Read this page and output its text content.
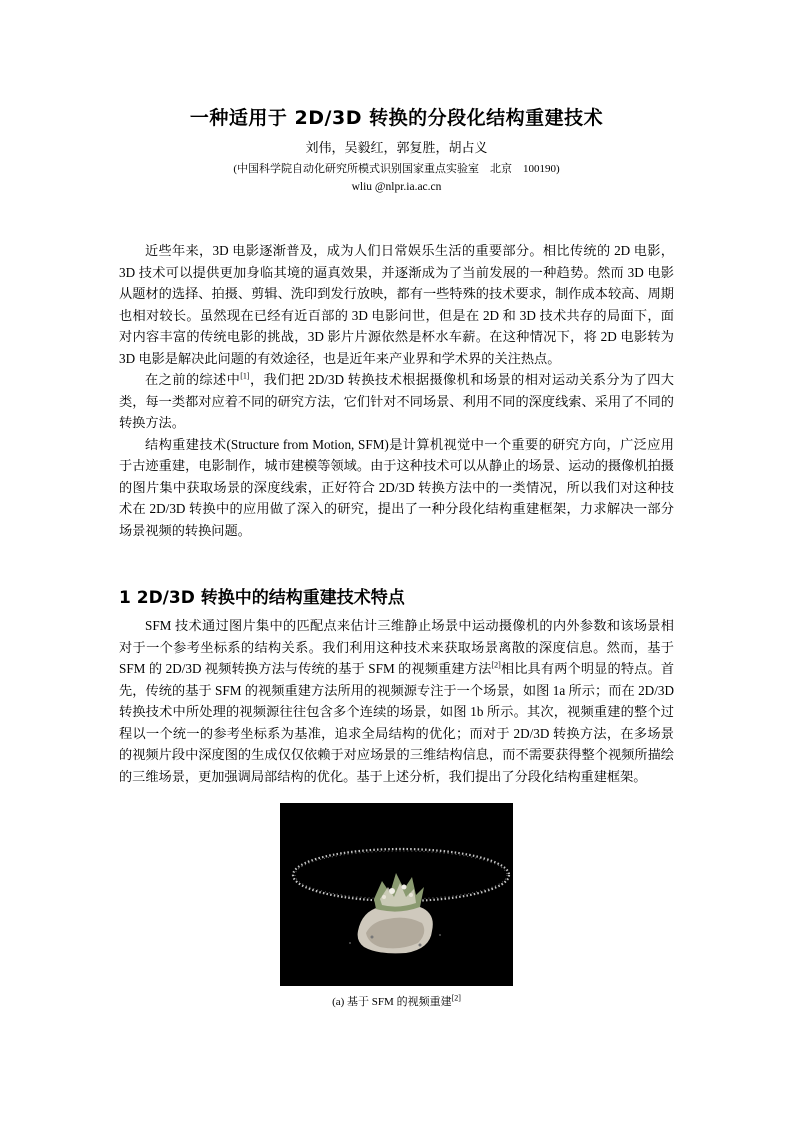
一种适用于 2D/3D 转换的分段化结构重建技术
刘伟，吴毅红，郭复胜，胡占义
(中国科学院自动化研究所模式识别国家重点实验室　北京　100190)
wliu @nlpr.ia.ac.cn

近些年来，3D 电影逐渐普及，成为人们日常娱乐生活的重要部分。相比传统的 2D 电影，3D 技术可以提供更加身临其境的逼真效果，并逐渐成为了当前发展的一种趋势。然而 3D 电影从题材的选择、拍摄、剪辑、洗印到发行放映，都有一些特殊的技术要求，制作成本较高、周期也相对较长。虽然现在已经有近百部的 3D 电影问世，但是在 2D 和 3D 技术共存的局面下，面对内容丰富的传统电影的挑战，3D 影片片源依然是杯水车薪。在这种情况下，将 2D 电影转为 3D 电影是解决此问题的有效途径，也是近年来产业界和学术界的关注热点。

在之前的综述中[1]，我们把 2D/3D 转换技术根据摄像机和场景的相对运动关系分为了四大类，每一类都对应着不同的研究方法，它们针对不同场景、利用不同的深度线索、采用了不同的转换方法。

结构重建技术(Structure from Motion, SFM)是计算机视觉中一个重要的研究方向，广泛应用于古迹重建，电影制作，城市建模等领域。由于这种技术可以从静止的场景、运动的摄像机拍摄的图片集中获取场景的深度线索，正好符合 2D/3D 转换方法中的一类情况，所以我们对这种技术在 2D/3D 转换中的应用做了深入的研究，提出了一种分段化结构重建框架，力求解决一部分场景视频的转换问题。

1 2D/3D 转换中的结构重建技术特点

SFM 技术通过图片集中的匹配点来估计三维静止场景中运动摄像机的内外参数和该场景相对于一个参考坐标系的结构关系。我们利用这种技术来获取场景离散的深度信息。然而，基于 SFM 的 2D/3D 视频转换方法与传统的基于 SFM 的视频重建方法[2]相比具有两个明显的特点。首先，传统的基于 SFM 的视频重建方法所用的视频源专注于一个场景，如图 1a 所示；而在 2D/3D 转换技术中所处理的视频源往往包含多个连续的场景，如图 1b 所示。其次，视频重建的整个过程以一个统一的参考坐标系为基准，追求全局结构的优化；而对于 2D/3D 转换方法，在多场景的视频片段中深度图的生成仅仅依赖于对应场景的三维结构信息，而不需要获得整个视频所描绘的三维场景，更加强调局部结构的优化。基于上述分析，我们提出了分段化结构重建框架。

(a) 基于 SFM 的视频重建[2]
